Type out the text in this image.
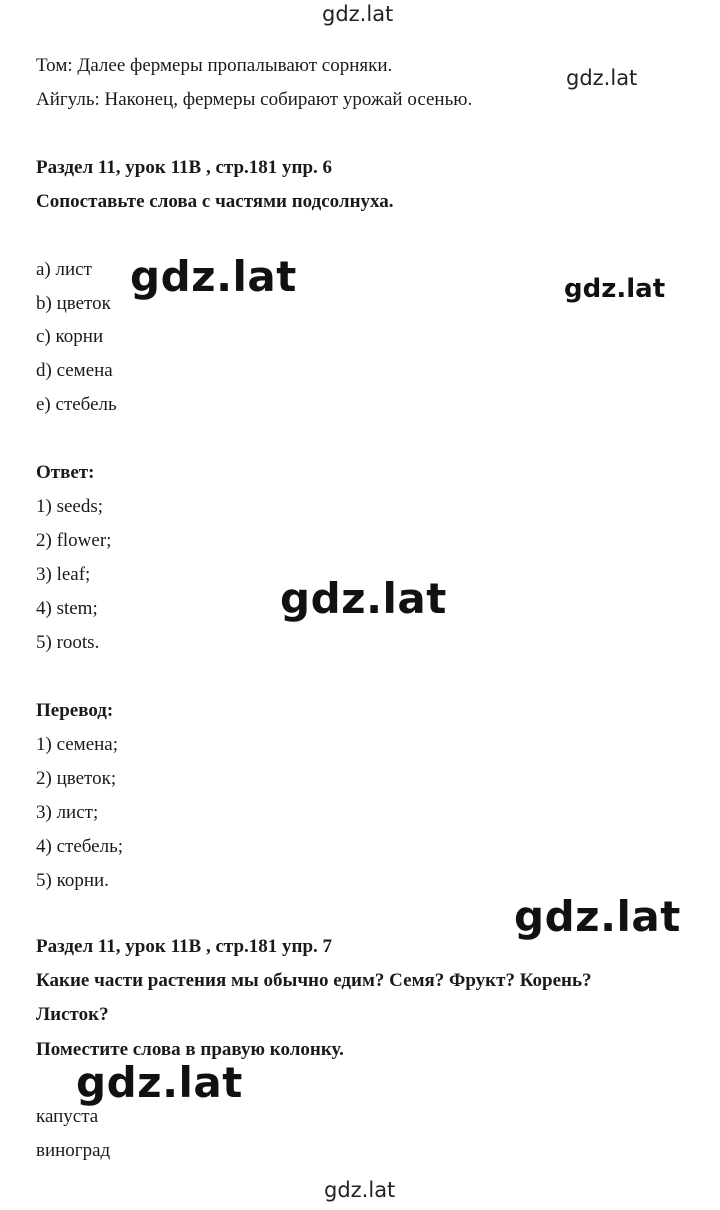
gdz.lat
gdz.lat
gdz.lat	gdz.lat
gdz.lat
gdz.lat
gdz.lat
gdz.lat
Том: Далее фермеры пропалывают сорняки.
Айгуль: Наконец, фермеры собирают урожай осенью.
Раздел 11, урок 11B , стр.181 упр. 6
Сопоставьте слова с частями подсолнуха.
a) лист
b) цветок
c) корни
d) семена
e) стебель
Ответ:
1) seeds;
2) flower;
3) leaf;
4) stem;
5) roots.
Перевод:
1) семена;
2) цветок;
3) лист;
4) стебель;
5) корни.
Раздел 11, урок 11B , стр.181 упр. 7
Какие части растения мы обычно едим? Семя? Фрукт? Корень?
Листок?
Поместите слова в правую колонку.
капуста
виноград
